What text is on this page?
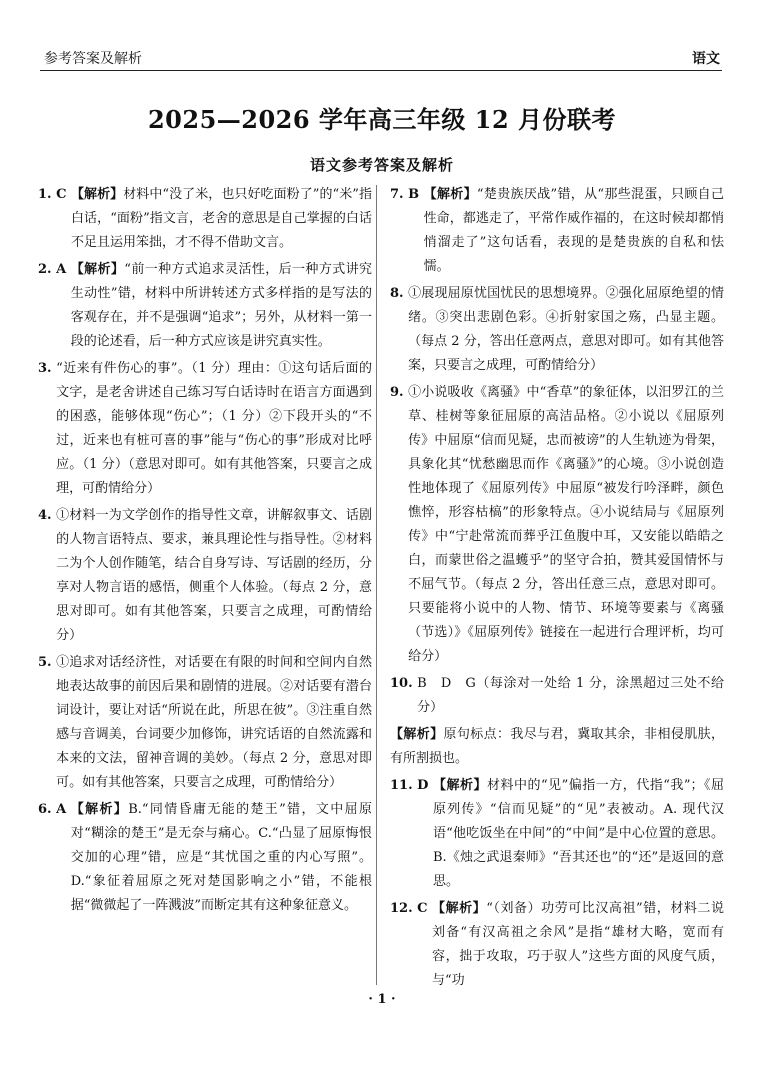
参考答案及解析	语文
2025—2026 学年高三年级 12 月份联考
语文参考答案及解析
1. C 【解析】材料中“没了米，也只好吃面粉了”的“米”指白话，“面粉”指文言，老舍的意思是自己掌握的白话不足且运用笨拙，才不得不借助文言。
2. A 【解析】“前一种方式追求灵活性，后一种方式讲究生动性”错，材料中所讲转述方式多样指的是写法的客观存在，并不是强调“追求”；另外，从材料一第一段的论述看，后一种方式应该是讲究真实性。
3. “近来有件伤心的事”。（1 分）理由：①这句话后面的文字，是老舍讲述自己练习写白话诗时在语言方面遇到的困惑，能够体现“伤心”；（1 分）②下段开头的“不过，近来也有桩可喜的事”能与“伤心的事”形成对比呼应。（1 分）（意思对即可。如有其他答案，只要言之成理，可酌情给分）
4. ①材料一为文学创作的指导性文章，讲解叙事文、话剧的人物言语特点、要求，兼具理论性与指导性。②材料二为个人创作随笔，结合自身写诗、写话剧的经历，分享对人物言语的感悟，侧重个人体验。（每点 2 分，意思对即可。如有其他答案，只要言之成理，可酌情给分）
5. ①追求对话经济性，对话要在有限的时间和空间内自然地表达故事的前因后果和剧情的进展。②对话要有潜台词设计，要让对话“所说在此，所思在彼”。③注重自然感与音调美，台词要少加修饰，讲究话语的自然流露和本来的文法，留神音调的美妙。（每点 2 分，意思对即可。如有其他答案，只要言之成理，可酌情给分）
6. A 【解析】B.“同情昏庸无能的楚王”错，文中屈原对“糊涂的楚王”是无奈与痛心。C.“凸显了屈原悔恨交加的心理”错，应是“其忧国之重的内心写照”。D.“象征着屈原之死对楚国影响之小”错，不能根据“微微起了一阵溅波”而断定其有这种象征意义。
7. B 【解析】“楚贵族厌战”错，从“那些混蛋，只顾自己性命，都逃走了，平常作威作福的，在这时候却都悄悄溜走了”这句话看，表现的是楚贵族的自私和怯懦。
8. ①展现屈原忧国忧民的思想境界。②强化屈原绝望的情绪。③突出悲剧色彩。④折射家国之殇，凸显主题。（每点 2 分，答出任意两点，意思对即可。如有其他答案，只要言之成理，可酌情给分）
9. ①小说吸收《离骚》中“香草”的象征体，以汨罗江的兰草、桂树等象征屈原的高洁品格。②小说以《屈原列传》中屈原“信而见疑，忠而被谤”的人生轨迹为骨架，具象化其“忧愁幽思而作《离骚》”的心境。③小说创造性地体现了《屈原列传》中屈原“被发行吟泽畔，颜色憔悴，形容枯槁”的形象特点。④小说结局与《屈原列传》中“宁赴常流而葬乎江鱼腹中耳，又安能以皓皓之白，而蒙世俗之温蠖乎”的坚守合拍，赞其爱国情怀与不屈气节。（每点 2 分，答出任意三点，意思对即可。只要能将小说中的人物、情节、环境等要素与《离骚（节选）》《屈原列传》链接在一起进行合理评析，均可给分）
10. B　D　G（每涂对一处给 1 分，涂黑超过三处不给分）
【解析】原句标点：我尽与君，冀取其余，非相侵肌肤，有所割损也。
11. D 【解析】材料中的“见”偏指一方，代指“我”；《屈原列传》“信而见疑”的“见”表被动。A. 现代汉语“他吃饭坐在中间”的“中间”是中心位置的意思。B.《烛之武退秦师》“吾其还也”的“还”是返回的意思。
12. C 【解析】“（刘备）功劳可比汉高祖”错，材料二说刘备“有汉高祖之余风”是指“雄材大略，宽而有容，拙于攻取，巧于驭人”这些方面的风度气质，与“功
· 1 ·
